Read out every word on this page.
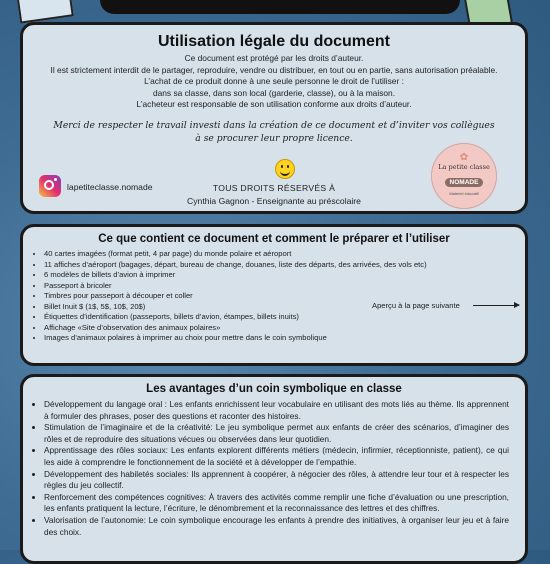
Utilisation légale du document
Ce document est protégé par les droits d’auteur.
Il est strictement interdit de le partager, reproduire, vendre ou distribuer, en tout ou en partie, sans autorisation préalable.
L’achat de ce produit donne à une seule personne le droit de l’utiliser :
dans sa classe, dans son local (garderie, classe), ou à la maison.
L’acheteur est responsable de son utilisation conforme aux droits d’auteur.
Merci de respecter le travail investi dans la création de ce document et d’inviter vos collègues
à se procurer leur propre licence.
TOUS DROITS RÉSERVÉS À
Cynthia Gagnon - Enseignante au préscolaire
lapetiteclasse.nomade
✿
La petite classe
NOMADE
Matériel éducatif
Ce que contient ce document et comment le préparer et l’utiliser
• 40 cartes imagées (format petit, 4 par page) du monde polaire et aéroport
• 11 affiches d’aéroport (bagages, départ, bureau de change, douanes, liste des départs, des arrivées, des vols etc)
• 6 modèles de billets d’avion à imprimer
• Passeport à bricoler
• Timbres pour passeport à découper et coller
• Billet Inuit $ (1$, 5$, 10$, 20$)
• Étiquettes d’identification (passeports, billets d’avion, étampes, billets inuits)
• Affichage «Site d’observation des animaux polaires»
• Images d’animaux polaires à imprimer au choix pour mettre dans le coin symbolique
Aperçu à la page suivante
Les avantages d’un coin symbolique en classe
• Développement du langage oral : Les enfants enrichissent leur vocabulaire en utilisant des mots liés au thème. Ils apprennent à formuler des phrases, poser des questions et raconter des histoires.
• Stimulation de l’imaginaire et de la créativité: Le jeu symbolique permet aux enfants de créer des scénarios, d’imaginer des rôles et de reproduire des situations vécues ou observées dans leur quotidien.
• Apprentissage des rôles sociaux: Les enfants explorent différents métiers (médecin, infirmier, réceptionniste, patient), ce qui les aide à comprendre le fonctionnement de la société et à développer de l’empathie.
• Développement des habiletés sociales: Ils apprennent à coopérer, à négocier des rôles, à attendre leur tour et à respecter les règles du jeu collectif.
• Renforcement des compétences cognitives: À travers des activités comme remplir une fiche d’évaluation ou une prescription, les enfants pratiquent la lecture, l’écriture, le dénombrement et la reconnaissance des lettres et des chiffres.
• Valorisation de l’autonomie: Le coin symbolique encourage les enfants à prendre des initiatives, à organiser leur jeu et à faire des choix.
